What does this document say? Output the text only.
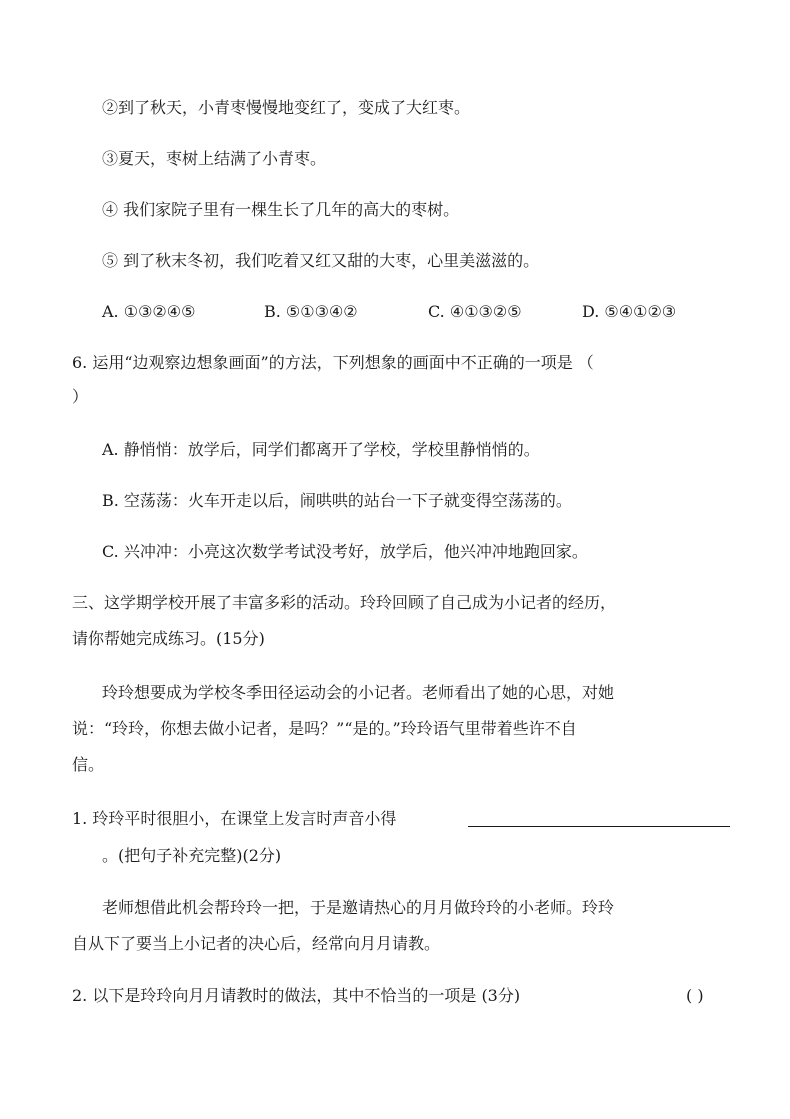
②到了秋天，小青枣慢慢地变红了，变成了大红枣。
③夏天，枣树上结满了小青枣。
④ 我们家院子里有一棵生长了几年的高大的枣树。
⑤ 到了秋末冬初，我们吃着又红又甜的大枣，心里美滋滋的。
A. ①③②④⑤	B. ⑤①③④②	C. ④①③②⑤	D. ⑤④①②③
6. 运用“边观察边想象画面”的方法，下列想象的画面中不正确的一项是 （
）
A. 静悄悄：放学后，同学们都离开了学校，学校里静悄悄的。
B. 空荡荡：火车开走以后，闹哄哄的站台一下子就变得空荡荡的。
C. 兴冲冲：小亮这次数学考试没考好，放学后，他兴冲冲地跑回家。
三、这学期学校开展了丰富多彩的活动。玲玲回顾了自己成为小记者的经历，
请你帮她完成练习。(15分)
玲玲想要成为学校冬季田径运动会的小记者。老师看出了她的心思，对她
说：“玲玲，你想去做小记者，是吗？”“是的。”玲玲语气里带着些许不自
信。
1. 玲玲平时很胆小，在课堂上发言时声音小得
。(把句子补充完整)(2分)
老师想借此机会帮玲玲一把，于是邀请热心的月月做玲玲的小老师。玲玲
自从下了要当上小记者的决心后，经常向月月请教。
2. 以下是玲玲向月月请教时的做法，其中不恰当的一项是 (3分)	( )
